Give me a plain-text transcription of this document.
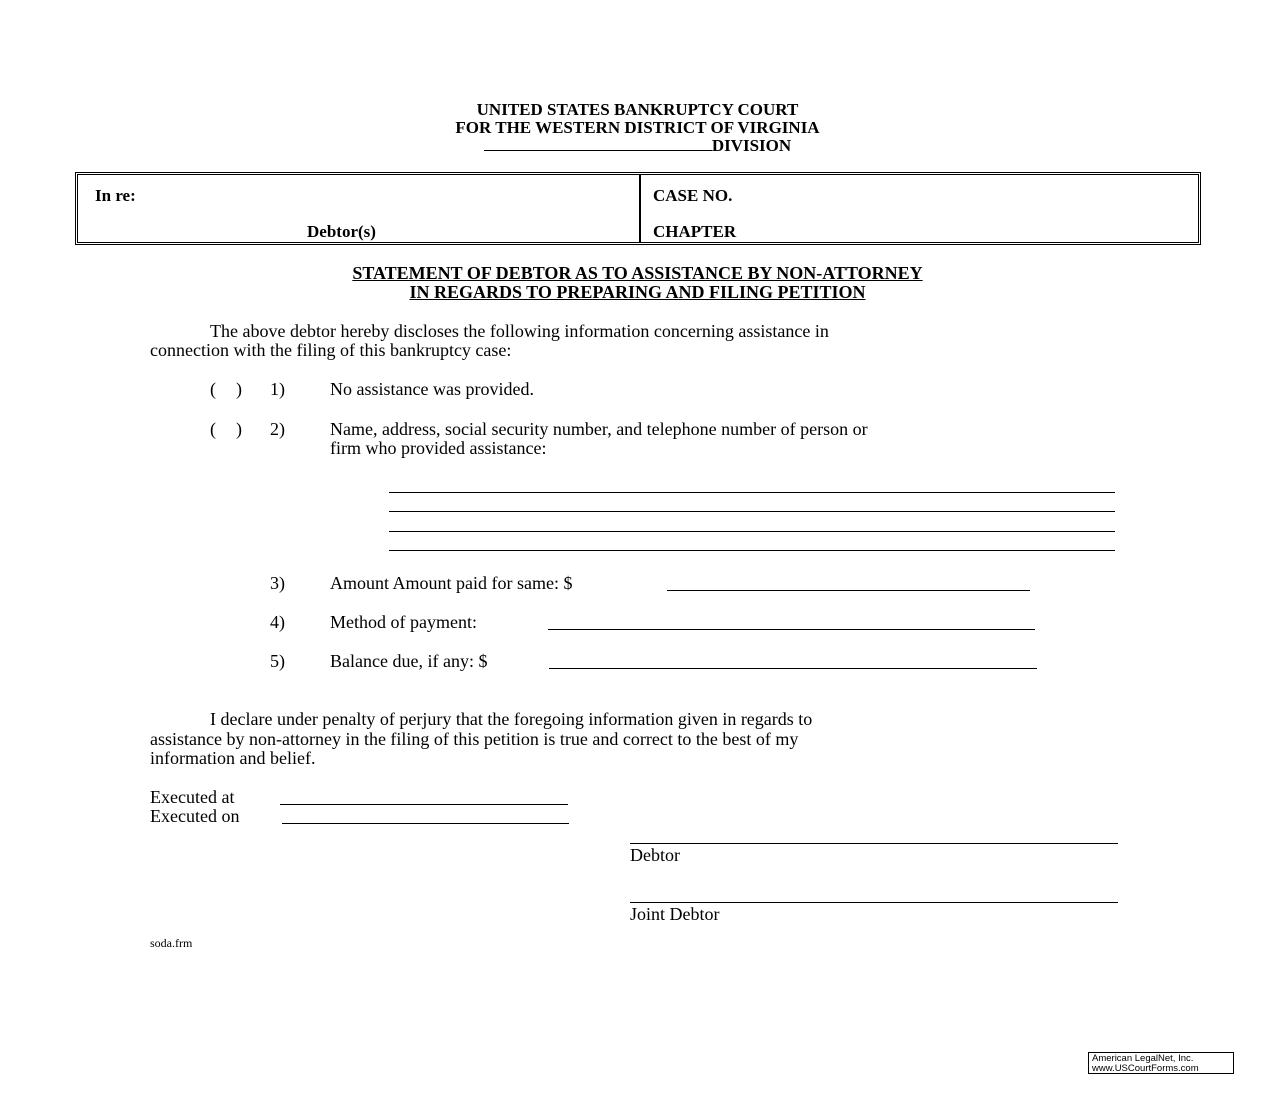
UNITED STATES BANKRUPTCY COURT
FOR THE WESTERN DISTRICT OF VIRGINIA
DIVISION
In re:
Debtor(s)
CASE NO.
CHAPTER
STATEMENT OF DEBTOR AS TO ASSISTANCE BY NON-ATTORNEY
IN REGARDS TO PREPARING AND FILING PETITION
The above debtor hereby discloses the following information concerning assistance in
connection with the filing of this bankruptcy case:
( ) 1)	No assistance was provided.
( ) 2)	Name, address, social security number, and telephone number of person or
firm who provided assistance:
3)	Amount Amount paid for same: $
4)	Method of payment:
5)	Balance due, if any: $
I declare under penalty of perjury that the foregoing information given in regards to
assistance by non-attorney in the filing of this petition is true and correct to the best of my
information and belief.
Executed at
Executed on
Debtor
Joint Debtor
soda.frm
American LegalNet, Inc.
www.USCourtForms.com
